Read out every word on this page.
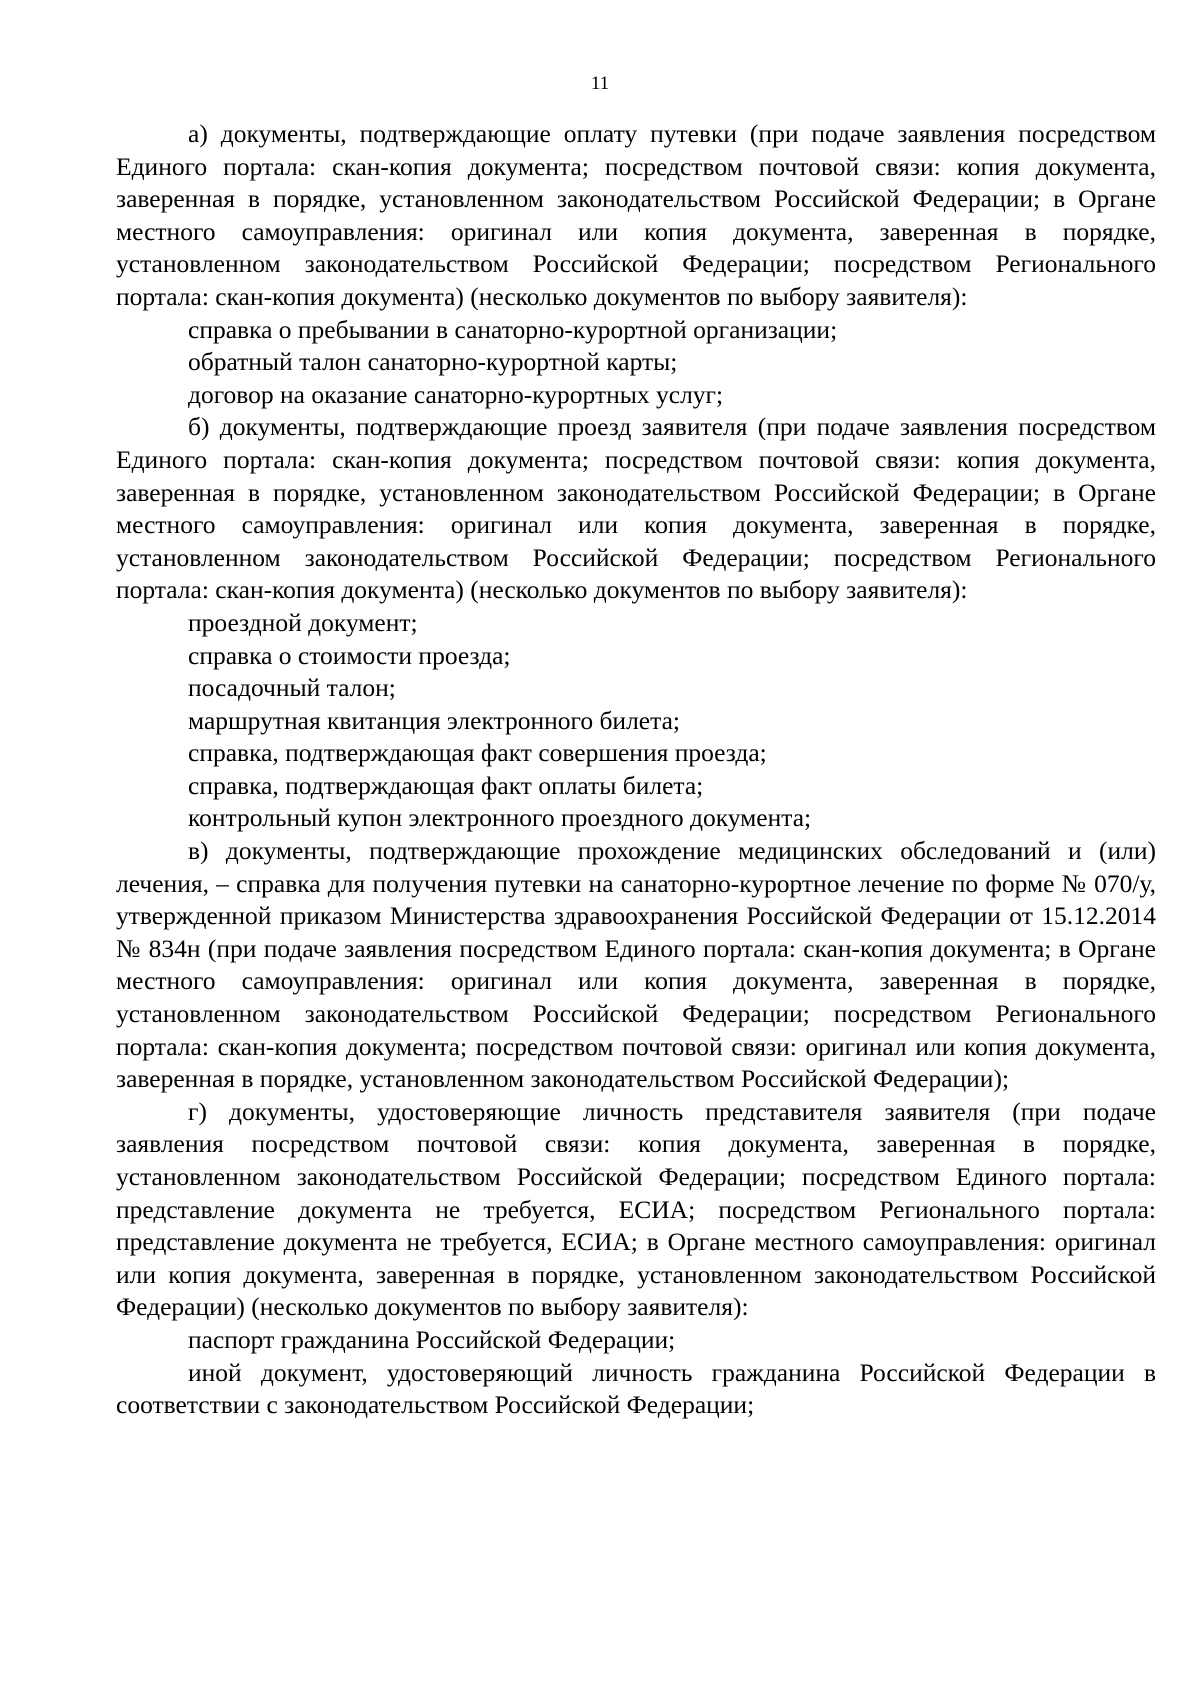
11

а) документы, подтверждающие оплату путевки (при подаче заявления посредством Единого портала: скан-копия документа; посредством почтовой связи: копия документа, заверенная в порядке, установленном законодательством Российской Федерации; в Органе местного самоуправления: оригинал или копия документа, заверенная в порядке, установленном законодательством Российской Федерации; посредством Регионального портала: скан-копия документа) (несколько документов по выбору заявителя):

справка о пребывании в санаторно-курортной организации;

обратный талон санаторно-курортной карты;

договор на оказание санаторно-курортных услуг;

б) документы, подтверждающие проезд заявителя (при подаче заявления посредством Единого портала: скан-копия документа; посредством почтовой связи: копия документа, заверенная в порядке, установленном законодательством Российской Федерации; в Органе местного самоуправления: оригинал или копия документа, заверенная в порядке, установленном законодательством Российской Федерации; посредством Регионального портала: скан-копия документа) (несколько документов по выбору заявителя):

проездной документ;

справка о стоимости проезда;

посадочный талон;

маршрутная квитанция электронного билета;

справка, подтверждающая факт совершения проезда;

справка, подтверждающая факт оплаты билета;

контрольный купон электронного проездного документа;

в) документы, подтверждающие прохождение медицинских обследований и (или) лечения, – справка для получения путевки на санаторно-курортное лечение по форме № 070/у, утвержденной приказом Министерства здравоохранения Российской Федерации от 15.12.2014 № 834н (при подаче заявления посредством Единого портала: скан-копия документа; в Органе местного самоуправления: оригинал или копия документа, заверенная в порядке, установленном законодательством Российской Федерации; посредством Регионального портала: скан-копия документа; посредством почтовой связи: оригинал или копия документа, заверенная в порядке, установленном законодательством Российской Федерации);

г) документы, удостоверяющие личность представителя заявителя (при подаче заявления посредством почтовой связи: копия документа, заверенная в порядке, установленном законодательством Российской Федерации; посредством Единого портала: представление документа не требуется, ЕСИА; посредством Регионального портала: представление документа не требуется, ЕСИА; в Органе местного самоуправления: оригинал или копия документа, заверенная в порядке, установленном законодательством Российской Федерации) (несколько документов по выбору заявителя):

паспорт гражданина Российской Федерации;

иной документ, удостоверяющий личность гражданина Российской Федерации в соответствии с законодательством Российской Федерации;
